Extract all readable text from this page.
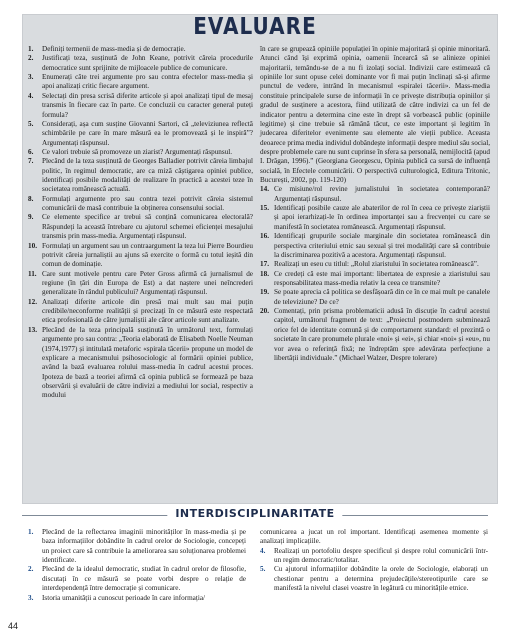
EVALUARE
1. Definiți termenii de mass-media și de democrație.
2. Justificați teza, susținută de John Keane, potrivit căreia procedurile democratice sunt sprijinite de mijloacele publice de comunicare.
3. Enumerați câte trei argumente pro sau contra efectelor mass-media și apoi analizați critic fiecare argument.
4. Selectați din presa scrisă diferite articole și apoi analizați tipul de mesaj transmis în fiecare caz în parte. Ce concluzii cu caracter general puteți formula?
5. Considerați, așa cum susține Giovanni Sartori, că „televiziunea reflectă schimbările pe care în mare măsură ea le promovează și le inspiră”? Argumentați răspunsul.
6. Ce valori trebuie să promoveze un ziarist? Argumentați răspunsul.
7. Plecând de la teza susținută de Georges Balladier potrivit căreia limbajul politic, în regimul democratic, are ca miză câștigarea opiniei publice, identificați posibile modalități de realizare în practică a acestei teze în societatea românească actuală.
8. Formulați argumente pro sau contra tezei potrivit căreia sistemul comunicării de masă contribuie la obținerea consensului social.
9. Ce elemente specifice ar trebui să conțină comunicarea electorală? Răspundeți la această întrebare cu ajutorul schemei eficienței mesajului transmis prin mass-media. Argumentați răspunsul.
10. Formulați un argument sau un contraargument la teza lui Pierre Bourdieu potrivit căreia jurnaliștii au ajuns să exercite o formă cu totul ieșită din comun de dominație.
11. Care sunt motivele pentru care Peter Gross afirmă că jurnalismul de regiune (în țări din Europa de Est) a dat naștere unei neîncrederi generalizate în rândul publicului? Argumentați răspunsul.
12. Analizați diferite articole din presă mai mult sau mai puțin credibile/neconforme realității și precizați în ce măsură este respectată etica profesională de către jurnaliștii ale căror articole sunt analizate.
13. Plecând de la teza principală susținută în următorul text, formulați argumente pro sau contra: „Teoria elaborată de Elisabeth Noelle Neuman (1974,1977) și intitulată metaforic «spirala tăcerii» propune un model de explicare a mecanismului psihosociologic al formării opiniei publice, având la bază evaluarea rolului mass-media în cadrul acestui proces. Ipoteza de bază a teoriei afirmă că opinia publică se formează pe baza observării și evaluării de către indivizi a mediului lor social, respectiv a modului

în care se grupează opiniile populației în opinie majoritară și opinie minoritară. Atunci când își exprimă opinia, oamenii încearcă să se alinieze opiniei majoritarii, temându-se de a nu fi izolați social. Indivizii care estimează că opiniile lor sunt opuse celei dominante vor fi mai puțin înclinați să-și afirme punctul de vedere, intrând în mecanismul «spiralei tăcerii». Mass-media constituie principalele surse de informații în ce privește distribuția opiniilor și gradul de susținere a acestora, fiind utilizată de către indivizi ca un fel de indicator pentru a determina cine este în drept să vorbească public (opiniile legitime) și cine trebuie să rămână tăcut, ce este important și legitim în judecarea diferitelor evenimente sau elemente ale vieții publice. Aceasta deoarece prima media individul dobândește informații despre mediul său social, despre problemele care nu sunt cuprinse în sfera sa personală, nemijlocită (apud I. Drăgan, 1996).” (Georgiana Georgescu, Opinia publică ca sursă de influență socială, în Efectele comunicării. O perspectivă culturologică, Editura Tritonic, București, 2002, pp. 119-120)

14. Ce misiune/rol revine jurnalistului în societatea contemporană? Argumentați răspunsul.
15. Identificați posibile cauze ale abaterilor de rol în ceea ce privește ziariștii și apoi ierarhizați-le în ordinea importanței sau a frecvenței cu care se manifestă în societatea românească. Argumentați răspunsul.
16. Identificați grupurile sociale marginale din societatea românească din perspectiva criteriului etnic sau sexual și trei modalități care să contribuie la discriminarea pozitivă a acestora. Argumentați răspunsul.
17. Realizați un eseu cu titlul: „Rolul ziaristului în societatea românească”.
18. Ce credeți că este mai important: libertatea de expresie a ziaristului sau responsabilitatea mass-media relativ la ceea ce transmite?
19. Se poate aprecia că politica se desfășoară din ce în ce mai mult pe canalele de televiziune? De ce?
20. Comentați, prin prisma problematicii adusă în discuție în cadrul acestui capitol, următorul fragment de text: „Proiectul postmodern subminează orice fel de identitate comună și de comportament standard: el prezintă o societate în care pronumele plurale «noi» și «ei», și chiar «noi» și «eu», nu vor avea o referință fixă; ne îndreptăm spre adevărata perfecțiune a libertății individuale.” (Michael Walzer, Despre tolerare)
INTERDISCIPLINARITATE
1. Plecând de la reflectarea imaginii minorităților în mass-media și pe baza informațiilor dobândite în cadrul orelor de Sociologie, concepeți un proiect care să contribuie la ameliorarea sau soluționarea problemei identificate.
2. Plecând de la idealul democratic, studiat în cadrul orelor de filosofie, discutați în ce măsură se poate vorbi despre o relație de interdependență între democrație și comunicare.
3. Istoria umanității a cunoscut perioade în care informația/

comunicarea a jucat un rol important. Identificați asemenea momente și analizați implicațiile.

4. Realizați un portofoliu despre specificul și despre rolul comunicării într-un regim democratic/totalitar.
5. Cu ajutorul informațiilor dobândite la orele de Sociologie, elaborați un chestionar pentru a determina prejudecățile/stereotipurile care se manifestă la nivelul clasei voastre în legătură cu minoritățile etnice.
44
